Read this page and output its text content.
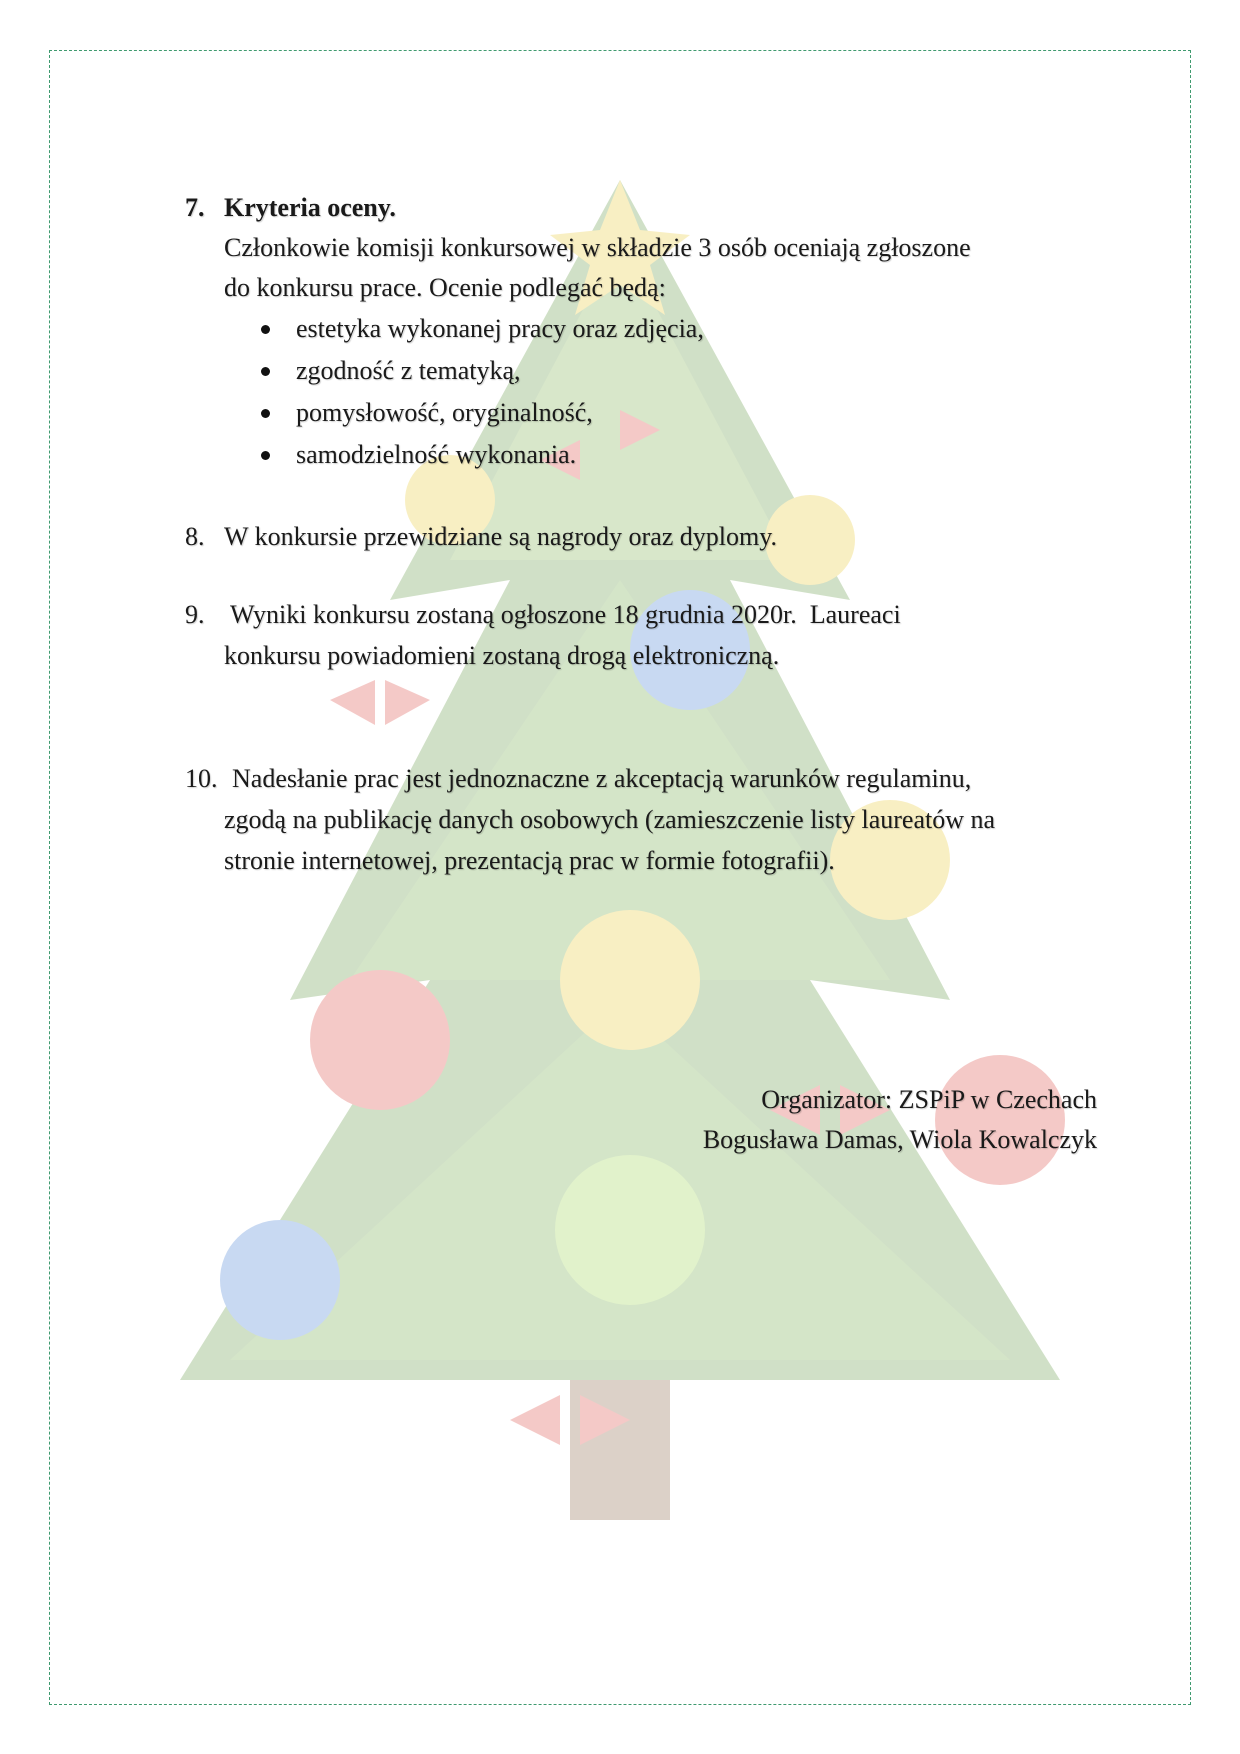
7. Kryteria oceny.
Członkowie komisji konkursowej w składzie 3 osób oceniają zgłoszone
do konkursu prace. Ocenie podlegać będą:
estetyka wykonanej pracy oraz zdjęcia,
zgodność z tematyką,
pomysłowość, oryginalność,
samodzielność wykonania.
8. W konkursie przewidziane są nagrody oraz dyplomy.
9. Wyniki konkursu zostaną ogłoszone 18 grudnia 2020r.  Laureaci
konkursu powiadomieni zostaną drogą elektroniczną.
10. Nadesłanie prac jest jednoznaczne z akceptacją warunków regulaminu,
zgodą na publikację danych osobowych (zamieszczenie listy laureatów na
stronie internetowej, prezentacją prac w formie fotografii).
Organizator: ZSPiP w Czechach
Bogusława Damas, Wiola Kowalczyk
